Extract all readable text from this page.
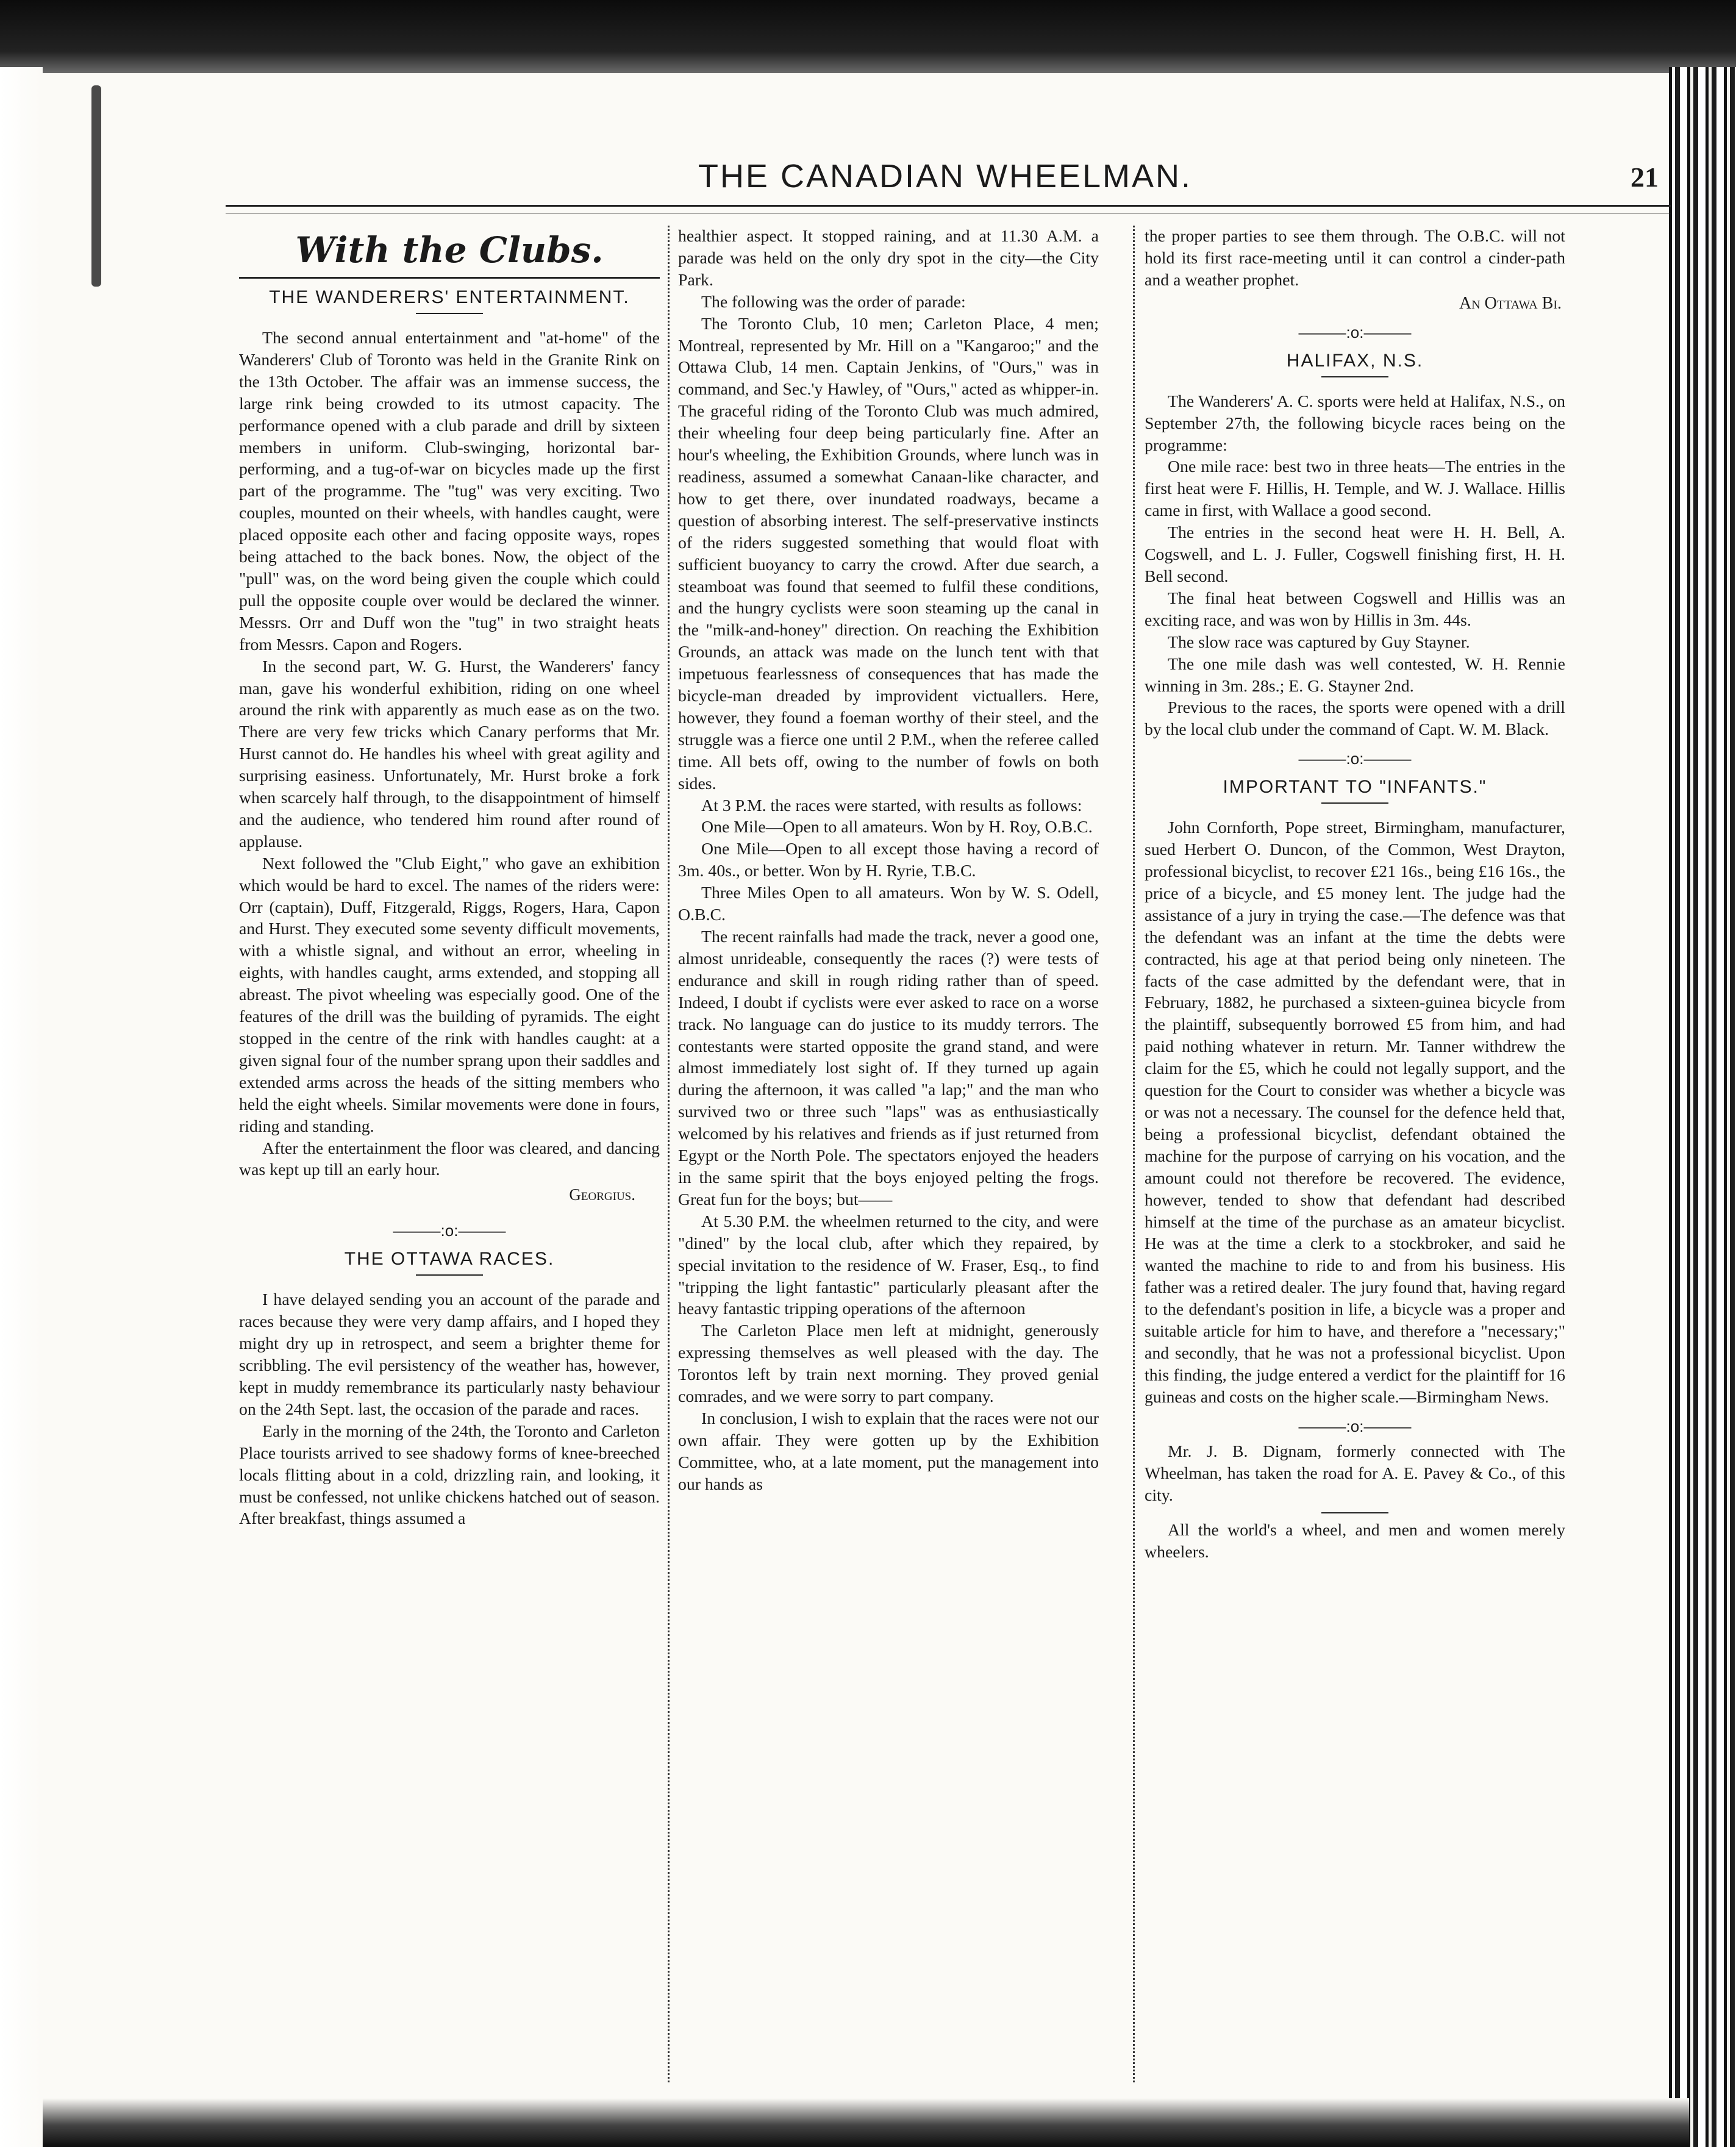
THE CANADIAN WHEELMAN.	21
With the Clubs.
THE WANDERERS' ENTERTAINMENT.

The second annual entertainment and "at-home" of the Wanderers' Club of Toronto was held in the Granite Rink on the 13th October. The affair was an immense success, the large rink being crowded to its utmost capacity. The performance opened with a club parade and drill by sixteen members in uniform. Club-swinging, horizontal bar-performing, and a tug-of-war on bicycles made up the first part of the programme. The "tug" was very exciting. Two couples, mounted on their wheels, with handles caught, were placed opposite each other and facing opposite ways, ropes being attached to the back bones. Now, the object of the "pull" was, on the word being given the couple which could pull the opposite couple over would be declared the winner. Messrs. Orr and Duff won the "tug" in two straight heats from Messrs. Capon and Rogers.

In the second part, W. G. Hurst, the Wanderers' fancy man, gave his wonderful exhibition, riding on one wheel around the rink with apparently as much ease as on the two. There are very few tricks which Canary performs that Mr. Hurst cannot do. He handles his wheel with great agility and surprising easiness. Unfortunately, Mr. Hurst broke a fork when scarcely half through, to the disappointment of himself and the audience, who tendered him round after round of applause.

Next followed the "Club Eight," who gave an exhibition which would be hard to excel. The names of the riders were: Orr (captain), Duff, Fitzgerald, Riggs, Rogers, Hara, Capon and Hurst. They executed some seventy difficult movements, with a whistle signal, and without an error, wheeling in eights, with handles caught, arms extended, and stopping all abreast. The pivot wheeling was especially good. One of the features of the drill was the building of pyramids. The eight stopped in the centre of the rink with handles caught: at a given signal four of the number sprang upon their saddles and extended arms across the heads of the sitting members who held the eight wheels. Similar movements were done in fours, riding and standing.

After the entertainment the floor was cleared, and dancing was kept up till an early hour.

Georgius.
———:o:———
THE OTTAWA RACES.

I have delayed sending you an account of the parade and races because they were very damp affairs, and I hoped they might dry up in retrospect, and seem a brighter theme for scribbling. The evil persistency of the weather has, however, kept in muddy remembrance its particularly nasty behaviour on the 24th Sept. last, the occasion of the parade and races.

Early in the morning of the 24th, the Toronto and Carleton Place tourists arrived to see shadowy forms of knee-breeched locals flitting about in a cold, drizzling rain, and looking, it must be confessed, not unlike chickens hatched out of season. After breakfast, things assumed a

healthier aspect. It stopped raining, and at 11.30 A.M. a parade was held on the only dry spot in the city—the City Park.

The following was the order of parade:

The Toronto Club, 10 men; Carleton Place, 4 men; Montreal, represented by Mr. Hill on a "Kangaroo;" and the Ottawa Club, 14 men. Captain Jenkins, of "Ours," was in command, and Sec.'y Hawley, of "Ours," acted as whipper-in. The graceful riding of the Toronto Club was much admired, their wheeling four deep being particularly fine. After an hour's wheeling, the Exhibition Grounds, where lunch was in readiness, assumed a somewhat Canaan-like character, and how to get there, over inundated roadways, became a question of absorbing interest. The self-preservative instincts of the riders suggested something that would float with sufficient buoyancy to carry the crowd. After due search, a steamboat was found that seemed to fulfil these conditions, and the hungry cyclists were soon steaming up the canal in the "milk-and-honey" direction. On reaching the Exhibition Grounds, an attack was made on the lunch tent with that impetuous fearlessness of consequences that has made the bicycle-man dreaded by improvident victuallers. Here, however, they found a foeman worthy of their steel, and the struggle was a fierce one until 2 P.M., when the referee called time. All bets off, owing to the number of fowls on both sides.

At 3 P.M. the races were started, with results as follows:

One Mile—Open to all amateurs. Won by H. Roy, O.B.C.

One Mile—Open to all except those having a record of 3m. 40s., or better. Won by H. Ryrie, T.B.C.

Three Miles Open to all amateurs. Won by W. S. Odell, O.B.C.

The recent rainfalls had made the track, never a good one, almost unrideable, consequently the races (?) were tests of endurance and skill in rough riding rather than of speed. Indeed, I doubt if cyclists were ever asked to race on a worse track. No language can do justice to its muddy terrors. The contestants were started opposite the grand stand, and were almost immediately lost sight of. If they turned up again during the afternoon, it was called "a lap;" and the man who survived two or three such "laps" was as enthusiastically welcomed by his relatives and friends as if just returned from Egypt or the North Pole. The spectators enjoyed the headers in the same spirit that the boys enjoyed pelting the frogs. Great fun for the boys; but——

At 5.30 P.M. the wheelmen returned to the city, and were "dined" by the local club, after which they repaired, by special invitation to the residence of W. Fraser, Esq., to find "tripping the light fantastic" particularly pleasant after the heavy fantastic tripping operations of the afternoon

The Carleton Place men left at midnight, generously expressing themselves as well pleased with the day. The Torontos left by train next morning. They proved genial comrades, and we were sorry to part company.

In conclusion, I wish to explain that the races were not our own affair. They were gotten up by the Exhibition Committee, who, at a late moment, put the management into our hands as

the proper parties to see them through. The O.B.C. will not hold its first race-meeting until it can control a cinder-path and a weather prophet.

An Ottawa Bi.
———:o:———
HALIFAX, N.S.

The Wanderers' A. C. sports were held at Halifax, N.S., on September 27th, the following bicycle races being on the programme:

One mile race: best two in three heats—The entries in the first heat were F. Hillis, H. Temple, and W. J. Wallace. Hillis came in first, with Wallace a good second.

The entries in the second heat were H. H. Bell, A. Cogswell, and L. J. Fuller, Cogswell finishing first, H. H. Bell second.

The final heat between Cogswell and Hillis was an exciting race, and was won by Hillis in 3m. 44s.

The slow race was captured by Guy Stayner.

The one mile dash was well contested, W. H. Rennie winning in 3m. 28s.; E. G. Stayner 2nd.

Previous to the races, the sports were opened with a drill by the local club under the command of Capt. W. M. Black.

———:o:———
IMPORTANT TO "INFANTS."

John Cornforth, Pope street, Birmingham, manufacturer, sued Herbert O. Duncon, of the Common, West Drayton, professional bicyclist, to recover £21 16s., being £16 16s., the price of a bicycle, and £5 money lent. The judge had the assistance of a jury in trying the case.—The defence was that the defendant was an infant at the time the debts were contracted, his age at that period being only nineteen. The facts of the case admitted by the defendant were, that in February, 1882, he purchased a sixteen-guinea bicycle from the plaintiff, subsequently borrowed £5 from him, and had paid nothing whatever in return. Mr. Tanner withdrew the claim for the £5, which he could not legally support, and the question for the Court to consider was whether a bicycle was or was not a necessary. The counsel for the defence held that, being a professional bicyclist, defendant obtained the machine for the purpose of carrying on his vocation, and the amount could not therefore be recovered. The evidence, however, tended to show that defendant had described himself at the time of the purchase as an amateur bicyclist. He was at the time a clerk to a stockbroker, and said he wanted the machine to ride to and from his business. His father was a retired dealer. The jury found that, having regard to the defendant's position in life, a bicycle was a proper and suitable article for him to have, and therefore a "necessary;" and secondly, that he was not a professional bicyclist. Upon this finding, the judge entered a verdict for the plaintiff for 16 guineas and costs on the higher scale.—Birmingham News.

———:o:———

Mr. J. B. Dignam, formerly connected with The Wheelman, has taken the road for A. E. Pavey & Co., of this city.

All the world's a wheel, and men and women merely wheelers.
